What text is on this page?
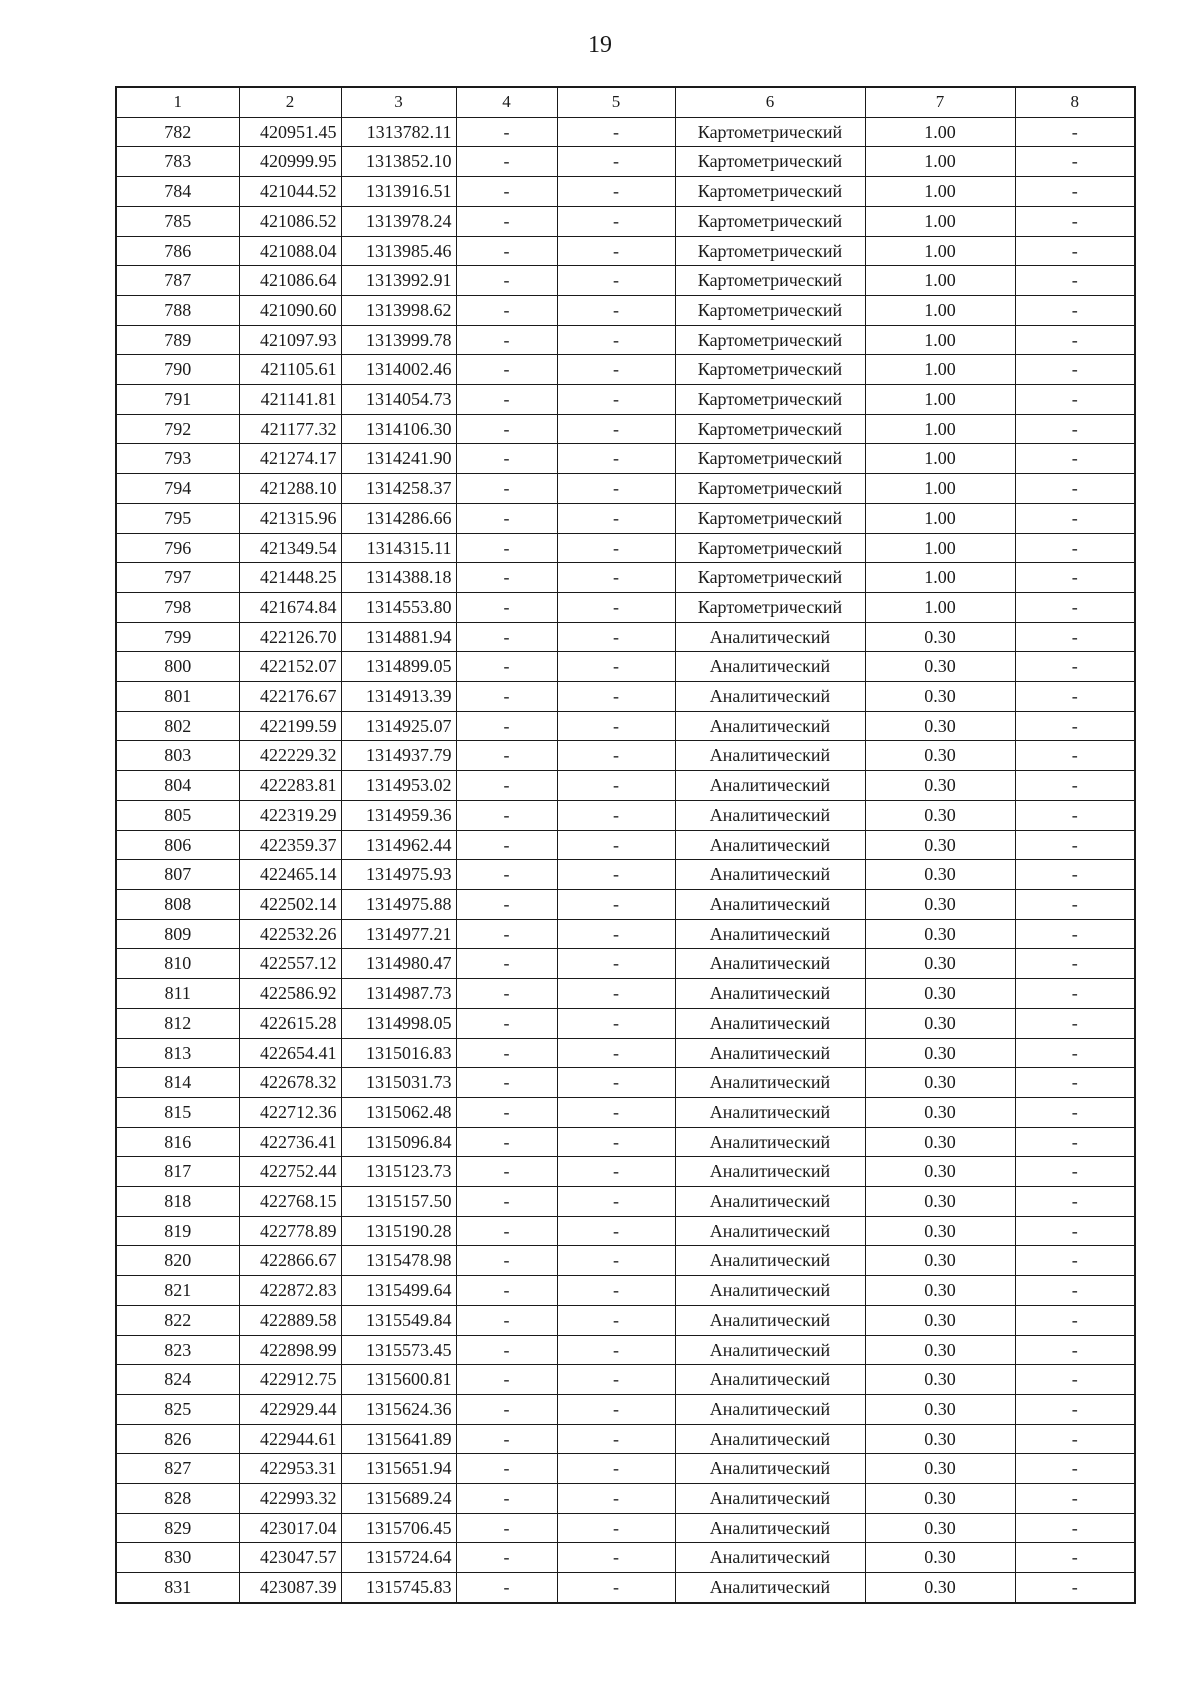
19
1	2	3	4	5	6	7	8
782	420951.45	1313782.11	-	-	Картометрический	1.00	-
783	420999.95	1313852.10	-	-	Картометрический	1.00	-
784	421044.52	1313916.51	-	-	Картометрический	1.00	-
785	421086.52	1313978.24	-	-	Картометрический	1.00	-
786	421088.04	1313985.46	-	-	Картометрический	1.00	-
787	421086.64	1313992.91	-	-	Картометрический	1.00	-
788	421090.60	1313998.62	-	-	Картометрический	1.00	-
789	421097.93	1313999.78	-	-	Картометрический	1.00	-
790	421105.61	1314002.46	-	-	Картометрический	1.00	-
791	421141.81	1314054.73	-	-	Картометрический	1.00	-
792	421177.32	1314106.30	-	-	Картометрический	1.00	-
793	421274.17	1314241.90	-	-	Картометрический	1.00	-
794	421288.10	1314258.37	-	-	Картометрический	1.00	-
795	421315.96	1314286.66	-	-	Картометрический	1.00	-
796	421349.54	1314315.11	-	-	Картометрический	1.00	-
797	421448.25	1314388.18	-	-	Картометрический	1.00	-
798	421674.84	1314553.80	-	-	Картометрический	1.00	-
799	422126.70	1314881.94	-	-	Аналитический	0.30	-
800	422152.07	1314899.05	-	-	Аналитический	0.30	-
801	422176.67	1314913.39	-	-	Аналитический	0.30	-
802	422199.59	1314925.07	-	-	Аналитический	0.30	-
803	422229.32	1314937.79	-	-	Аналитический	0.30	-
804	422283.81	1314953.02	-	-	Аналитический	0.30	-
805	422319.29	1314959.36	-	-	Аналитический	0.30	-
806	422359.37	1314962.44	-	-	Аналитический	0.30	-
807	422465.14	1314975.93	-	-	Аналитический	0.30	-
808	422502.14	1314975.88	-	-	Аналитический	0.30	-
809	422532.26	1314977.21	-	-	Аналитический	0.30	-
810	422557.12	1314980.47	-	-	Аналитический	0.30	-
811	422586.92	1314987.73	-	-	Аналитический	0.30	-
812	422615.28	1314998.05	-	-	Аналитический	0.30	-
813	422654.41	1315016.83	-	-	Аналитический	0.30	-
814	422678.32	1315031.73	-	-	Аналитический	0.30	-
815	422712.36	1315062.48	-	-	Аналитический	0.30	-
816	422736.41	1315096.84	-	-	Аналитический	0.30	-
817	422752.44	1315123.73	-	-	Аналитический	0.30	-
818	422768.15	1315157.50	-	-	Аналитический	0.30	-
819	422778.89	1315190.28	-	-	Аналитический	0.30	-
820	422866.67	1315478.98	-	-	Аналитический	0.30	-
821	422872.83	1315499.64	-	-	Аналитический	0.30	-
822	422889.58	1315549.84	-	-	Аналитический	0.30	-
823	422898.99	1315573.45	-	-	Аналитический	0.30	-
824	422912.75	1315600.81	-	-	Аналитический	0.30	-
825	422929.44	1315624.36	-	-	Аналитический	0.30	-
826	422944.61	1315641.89	-	-	Аналитический	0.30	-
827	422953.31	1315651.94	-	-	Аналитический	0.30	-
828	422993.32	1315689.24	-	-	Аналитический	0.30	-
829	423017.04	1315706.45	-	-	Аналитический	0.30	-
830	423047.57	1315724.64	-	-	Аналитический	0.30	-
831	423087.39	1315745.83	-	-	Аналитический	0.30	-
